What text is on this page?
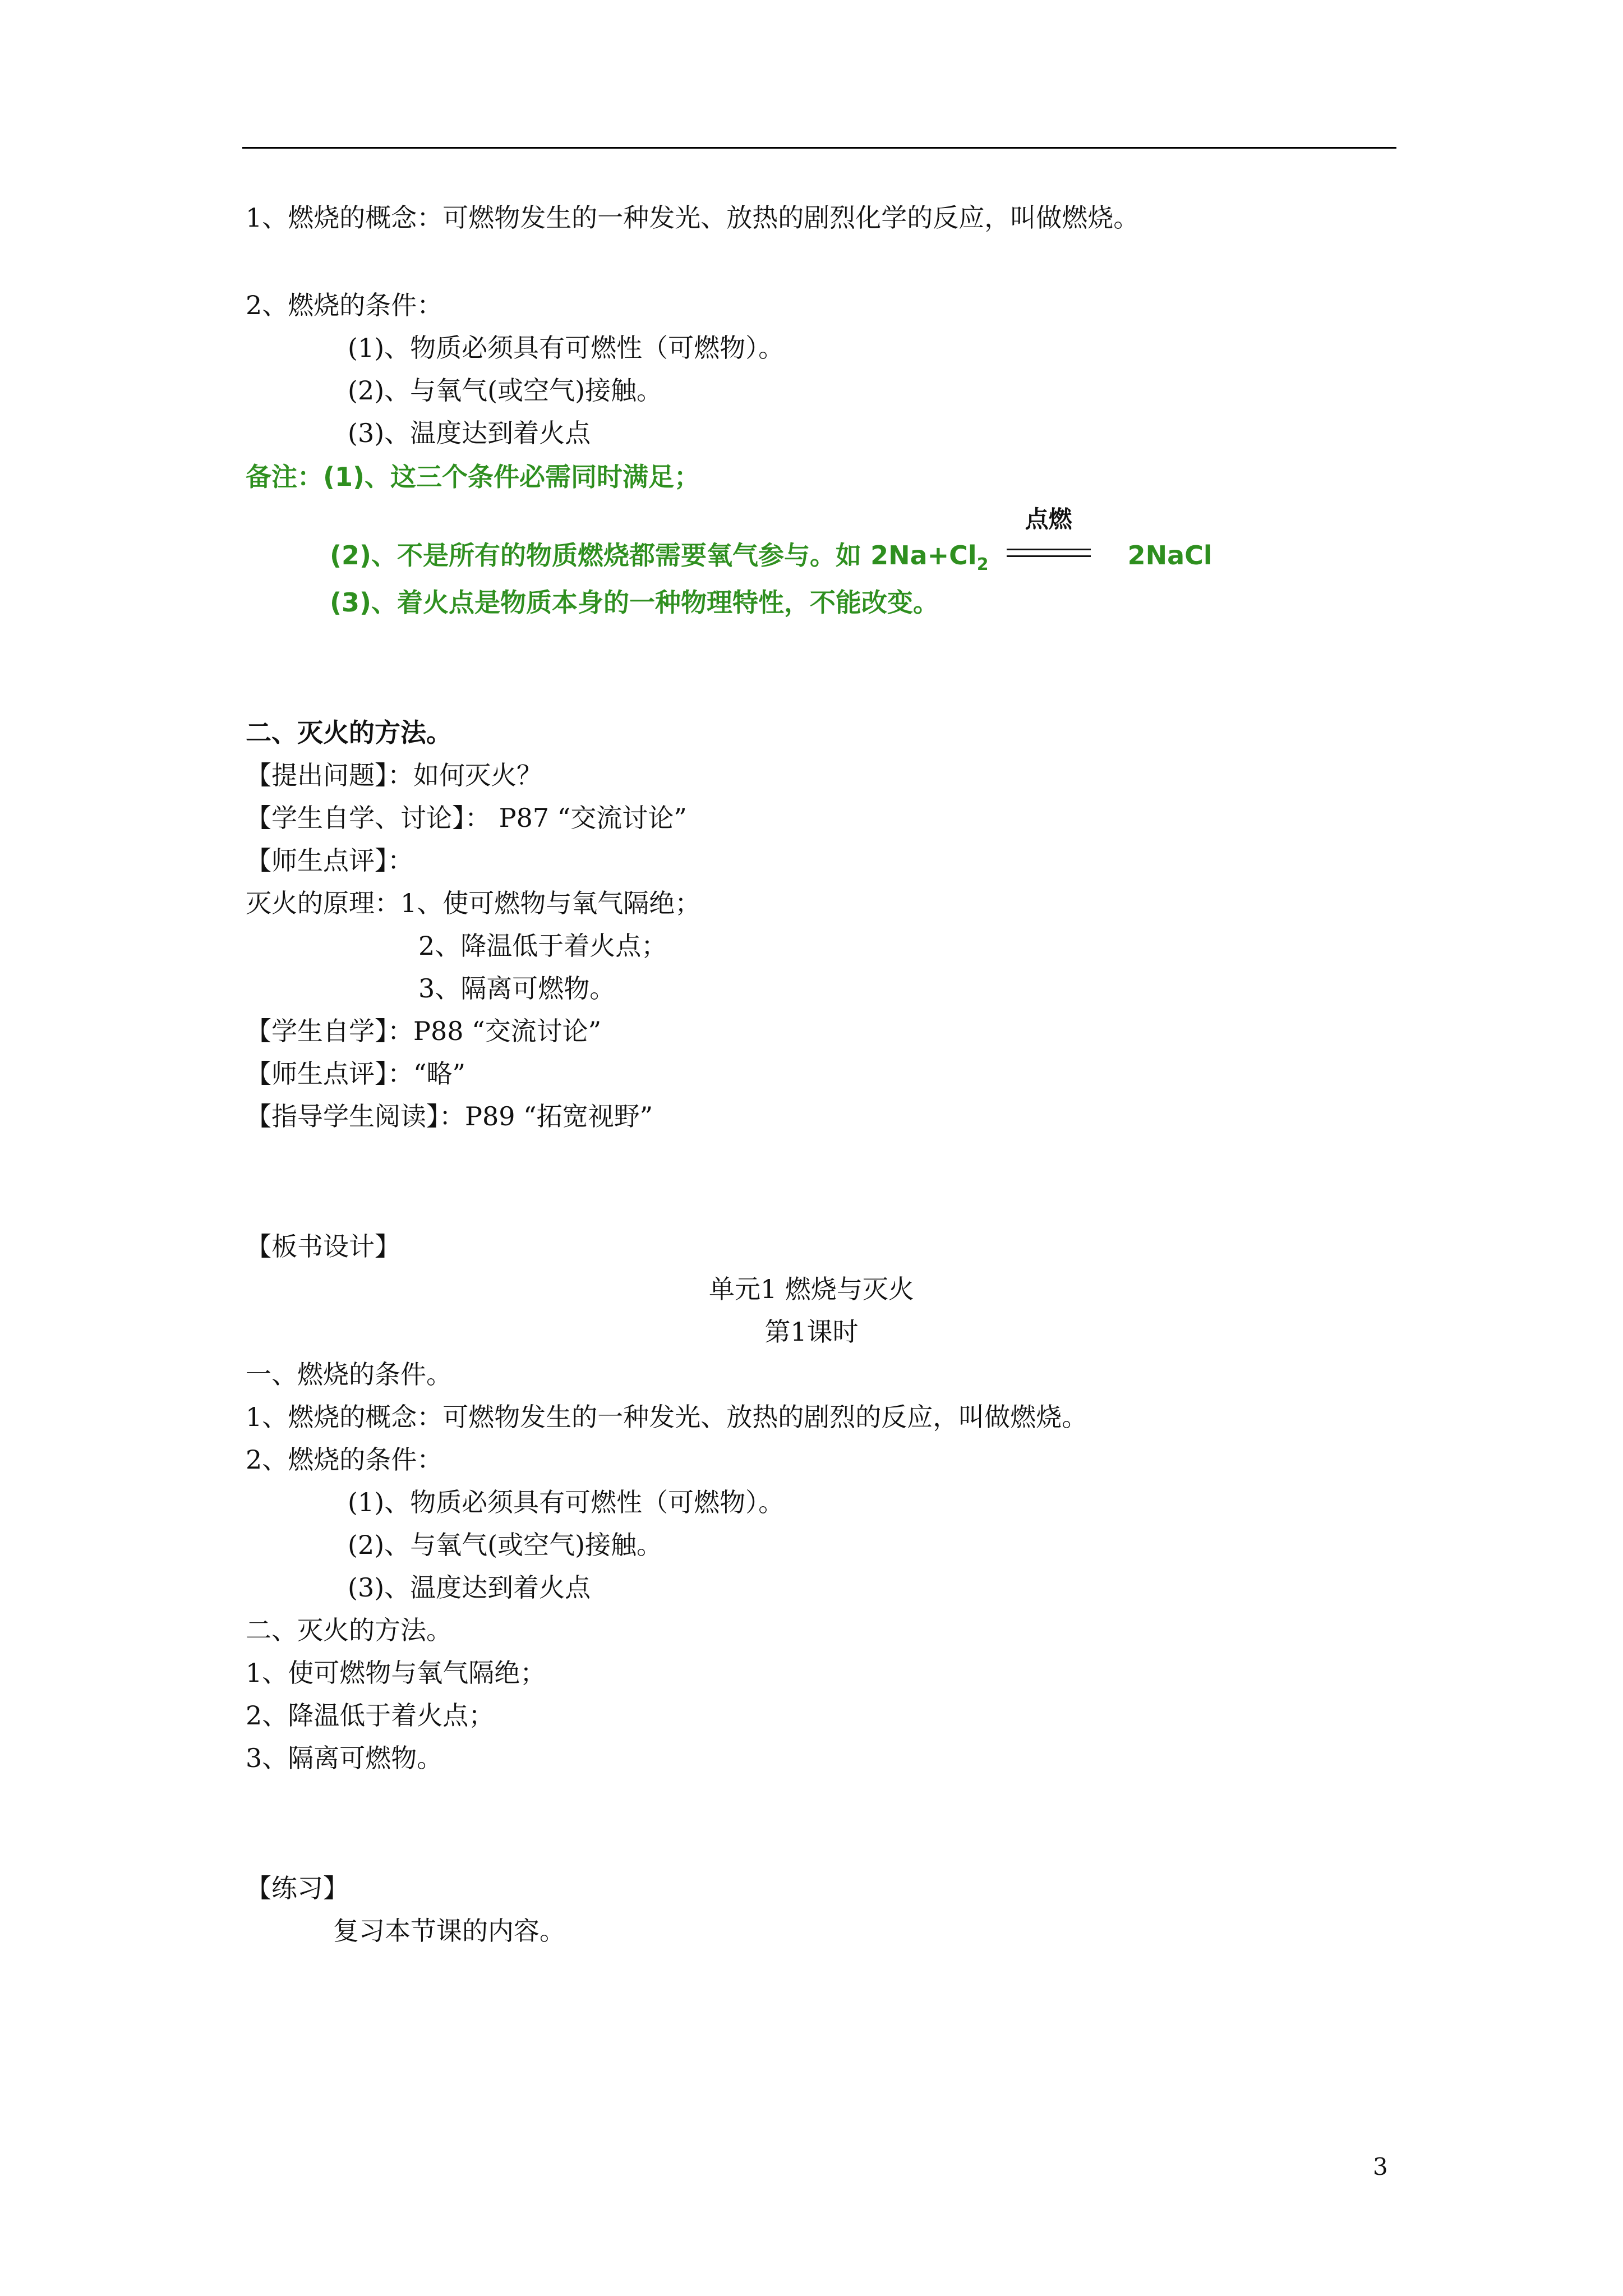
1、燃烧的概念：可燃物发生的一种发光、放热的剧烈化学的反应，叫做燃烧。
2、燃烧的条件：
(1)、物质必须具有可燃性（可燃物）。
(2)、与氧气(或空气)接触。
(3)、温度达到着火点
备注：(1)、这三个条件必需同时满足；
(2)、不是所有的物质燃烧都需要氧气参与。如 $2Na+Cl_2$
点燃
2NaCl
(3)、着火点是物质本身的一种物理特性，不能改变。
二、灭火的方法。
【提出问题】：如何灭火？
【学生自学、讨论】： P87 “交流讨论”
【师生点评】：
灭火的原理：1、使可燃物与氧气隔绝；
2、降温低于着火点；
3、隔离可燃物。
【学生自学】：P88 “交流讨论”
【师生点评】：“略”
【指导学生阅读】：P89 “拓宽视野”
【板书设计】
单元1 燃烧与灭火
第1课时
一、燃烧的条件。
1、燃烧的概念：可燃物发生的一种发光、放热的剧烈的反应，叫做燃烧。
2、燃烧的条件：
(1)、物质必须具有可燃性（可燃物）。
(2)、与氧气(或空气)接触。
(3)、温度达到着火点
二、灭火的方法。
1、使可燃物与氧气隔绝；
2、降温低于着火点；
3、隔离可燃物。
【练习】
复习本节课的内容。
3
